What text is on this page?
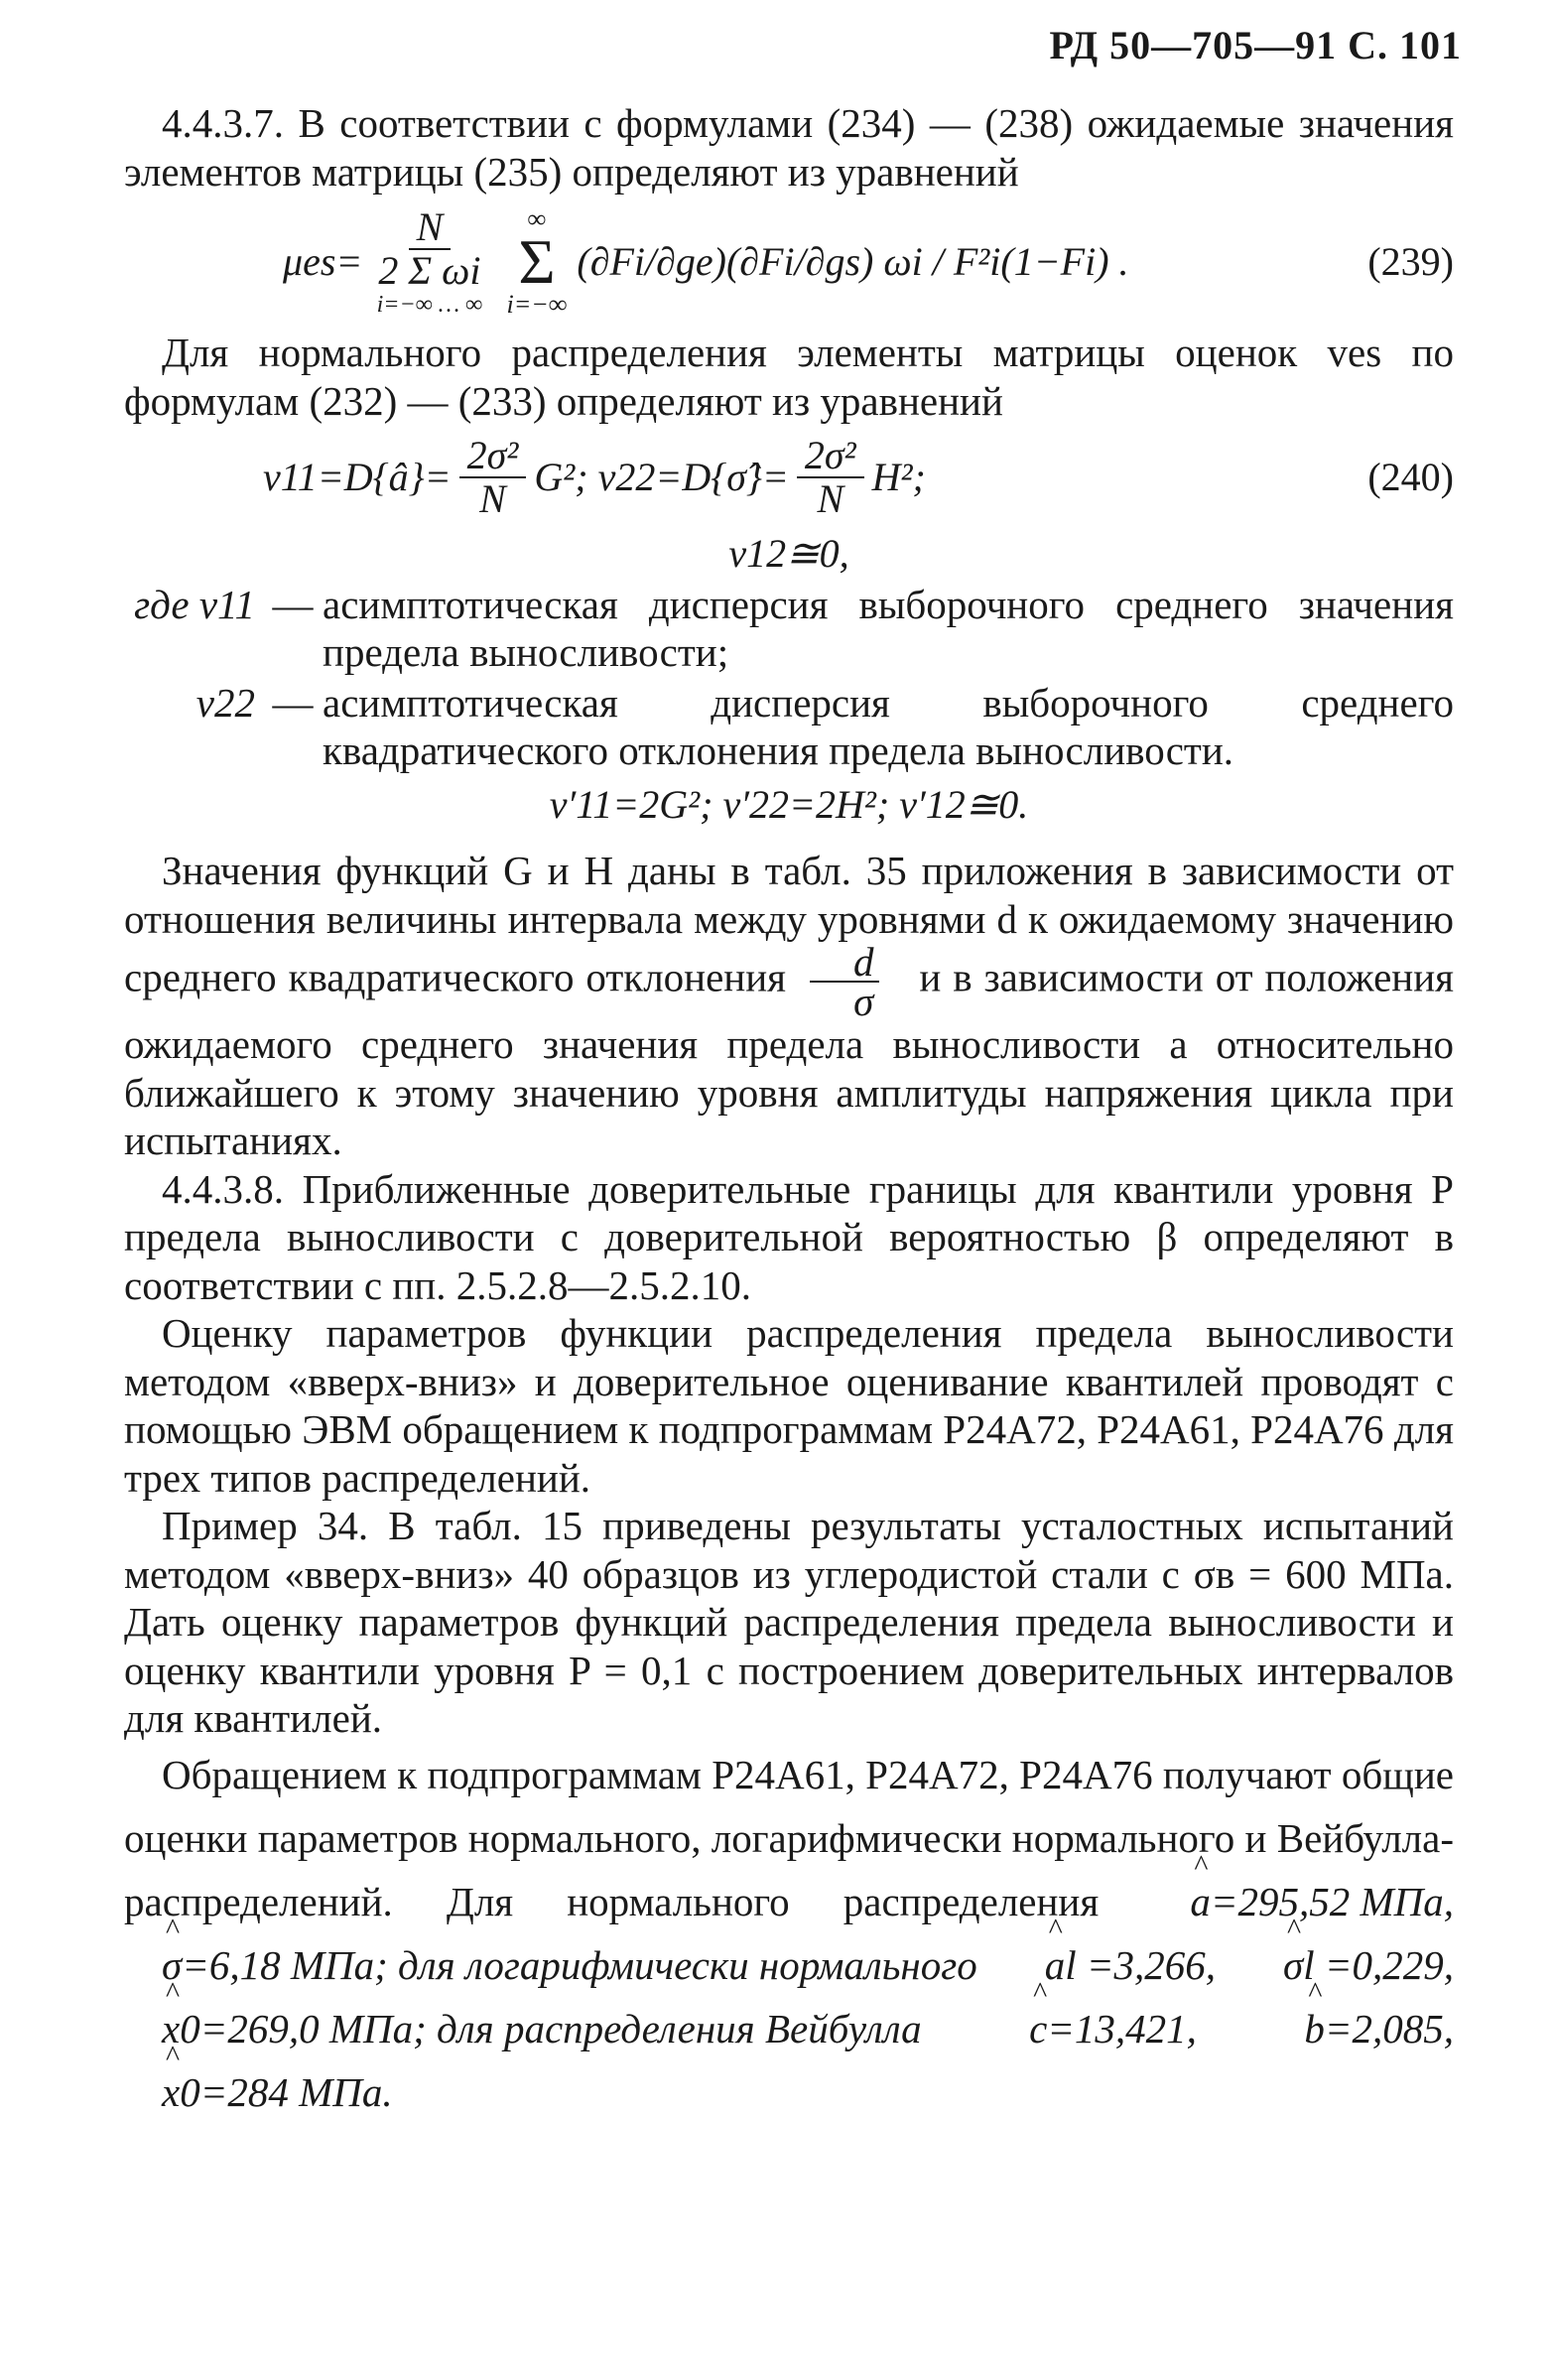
РД 50—705—91 С. 101

4.4.3.7. В соответствии с формулами (234) — (238) ожидаемые значения элементов матрицы (235) определяют из уравнений

μes=
N
2 Σ ωi
i=−∞ … ∞
∞
Σ
i=−∞
(∂Fi/∂ge)(∂Fi/∂gs) ωi / F²i(1−Fi) .	(239)

Для нормального распределения элементы матрицы оценок ves по формулам (232) — (233) определяют из уравнений

v11=D{â}= $\frac{\text{2σ²}}{N} G^2$; v22=D{σ̂}= $\frac{\text{2σ²}}{N} H^2$;	(240)
v12≅0,
где v11 — асимптотическая дисперсия выборочного среднего значения предела выносливости;
v22 — асимптотическая дисперсия выборочного среднего квадратического отклонения предела выносливости.
v′11=2G²; v′22=2H²; v′12≅0.

Значения функций G и H даны в табл. 35 приложения в зависимости от отношения величины интервала между уровнями d к ожидаемому значению среднего квадратического отклонения $\frac{d}{\sigma}$ и в зависимости от положения ожидаемого среднего значения предела выносливости a относительно ближайшего к этому значению уровня амплитуды напряжения цикла при испытаниях.

4.4.3.8. Приближенные доверительные границы для квантили уровня P предела выносливости с доверительной вероятностью β определяют в соответствии с пп. 2.5.2.8—2.5.2.10.

Оценку параметров функции распределения предела выносливости методом «вверх-вниз» и доверительное оценивание квантилей проводят с помощью ЭВМ обращением к подпрограммам P24A72, P24A61, P24A76 для трех типов распределений.

Пример 34. В табл. 15 приведены результаты усталостных испытаний методом «вверх-вниз» 40 образцов из углеродистой стали с σв = 600 МПа. Дать оценку параметров функций распределения предела выносливости и оценку квантили уровня P = 0,1 с построением доверительных интервалов для квантилей.

Обращением к подпрограммам P24A61, P24A72, P24A76 получают общие оценки параметров нормального, логарифмически нормального и Вейбулла-распределений. Для нормального распределения ^ a=295,52 МПа, ^ σ=6,18 МПа; для логарифмически нормального ^ al =3,266, ^ σl =0,229, ^ x0=269,0 МПа; для распределения Вейбулла	^ c=13,421,	^ b=2,085, ^ x0=284 МПа.
